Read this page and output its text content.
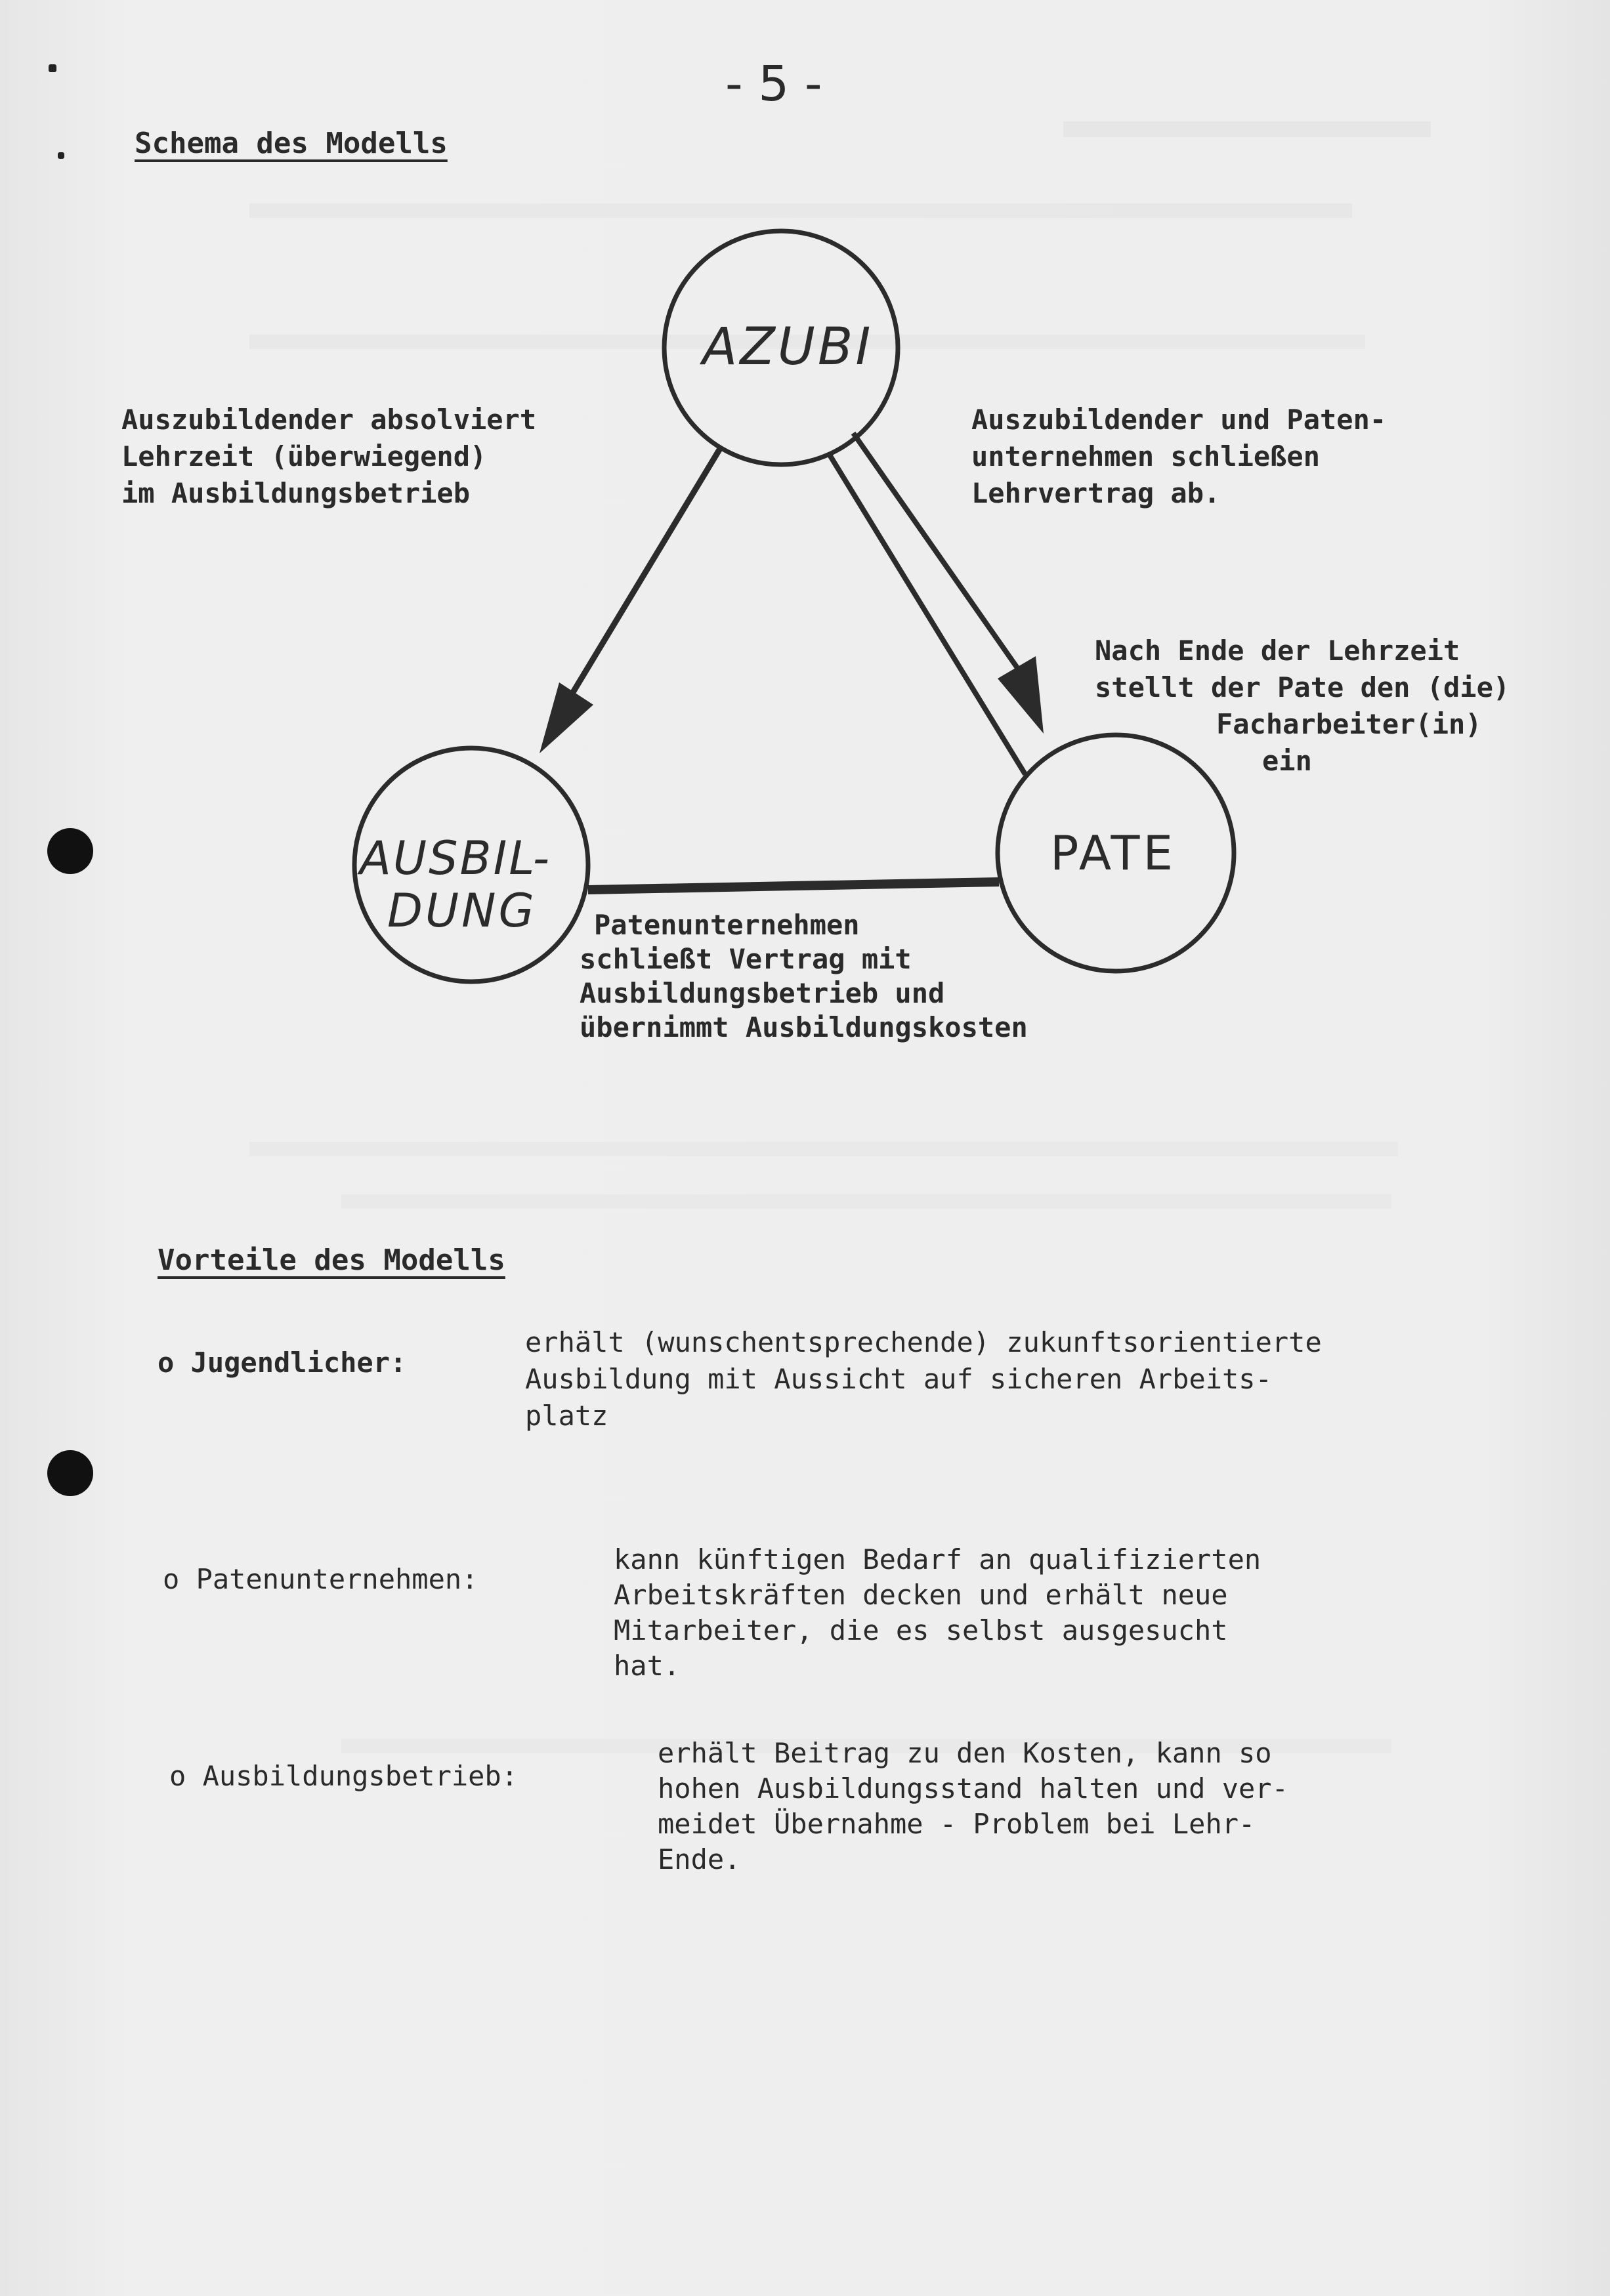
- 5 -
Schema des Modells
AZUBI
AUSBIL-
DUNG
PATE
Auszubildender absolviert
Lehrzeit (überwiegend)
im Ausbildungsbetrieb
Auszubildender und Paten-
unternehmen schließen
Lehrvertrag ab.
Nach Ende der Lehrzeit
stellt der Pate den (die)
Facharbeiter(in)
ein
Patenunternehmen
schließt Vertrag mit
Ausbildungsbetrieb und
übernimmt Ausbildungskosten
Vorteile des Modells
o Jugendlicher:
erhält (wunschentsprechende) zukunftsorientierte
Ausbildung mit Aussicht auf sicheren Arbeits-
platz
o Patenunternehmen:
kann künftigen Bedarf an qualifizierten
Arbeitskräften decken und erhält neue
Mitarbeiter, die es selbst ausgesucht
hat.
o Ausbildungsbetrieb:
erhält Beitrag zu den Kosten, kann so
hohen Ausbildungsstand halten und ver-
meidet Übernahme - Problem bei Lehr-
Ende.
